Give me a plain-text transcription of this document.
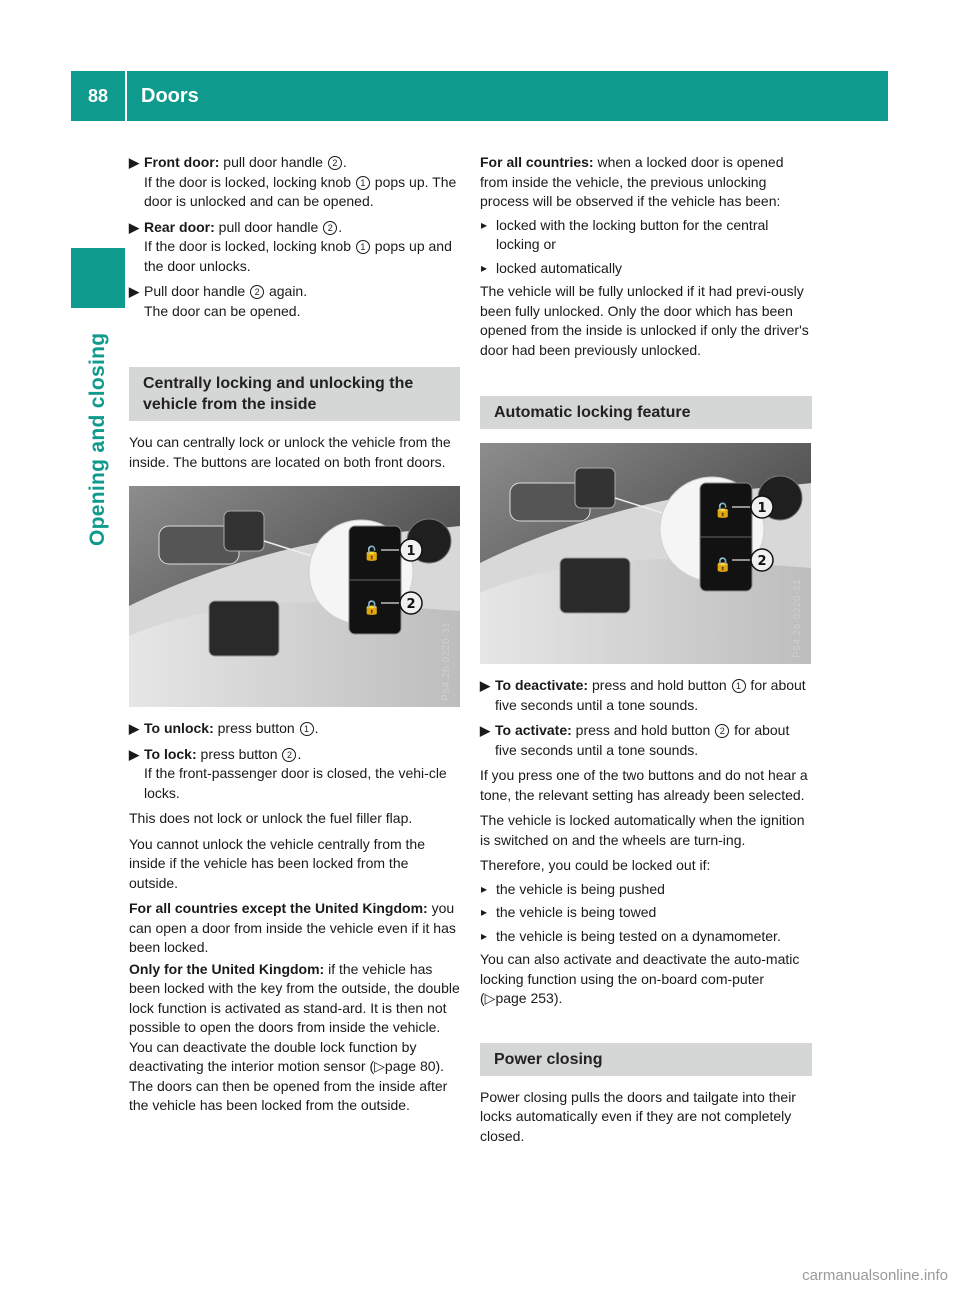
88	Doors
Opening and closing
▶ Front door: pull door handle 2 .
If the door is locked, locking knob 1 pops up. The door is unlocked and can be opened.
▶ Rear door: pull door handle 2 .
If the door is locked, locking knob 1 pops up and the door unlocks.
▶ Pull door handle 2 again.
The door can be opened.
Centrally locking and unlocking the vehicle from the inside

You can centrally lock or unlock the vehicle from the inside. The buttons are located on both front doors.

🔓
🔒
1
2
P54.26-0220-31
▶ To unlock: press button 1 .
▶ To lock: press button 2 .
If the front-passenger door is closed, the vehi-cle locks.

This does not lock or unlock the fuel filler flap.

You cannot unlock the vehicle centrally from the inside if the vehicle has been locked from the outside.

For all countries except the United Kingdom: you can open a door from inside the vehicle even if it has been locked.

Only for the United Kingdom: if the vehicle has been locked with the key from the outside, the double lock function is activated as stand-ard. It is then not possible to open the doors from inside the vehicle. You can deactivate the double lock function by deactivating the interior motion sensor (▷page 80). The doors can then be opened from the inside after the vehicle has been locked from the outside.

For all countries: when a locked door is opened from inside the vehicle, the previous unlocking process will be observed if the vehicle has been:

▸ locked with the locking button for the central locking or
▸ locked automatically

The vehicle will be fully unlocked if it had previ-ously been fully unlocked. Only the door which has been opened from the inside is unlocked if only the driver's door had been previously unlocked.

Automatic locking feature
🔓
🔒
1
2
P54.26-0220-31
▶ To deactivate: press and hold button 1 for about five seconds until a tone sounds.
▶ To activate: press and hold button 2 for about five seconds until a tone sounds.

If you press one of the two buttons and do not hear a tone, the relevant setting has already been selected.

The vehicle is locked automatically when the ignition is switched on and the wheels are turn-ing.

Therefore, you could be locked out if:

▸ the vehicle is being pushed
▸ the vehicle is being towed
▸ the vehicle is being tested on a dynamometer.

You can also activate and deactivate the auto-matic locking function using the on-board com-puter (▷page 253).

Power closing

Power closing pulls the doors and tailgate into their locks automatically even if they are not completely closed.

carmanualsonline.info
